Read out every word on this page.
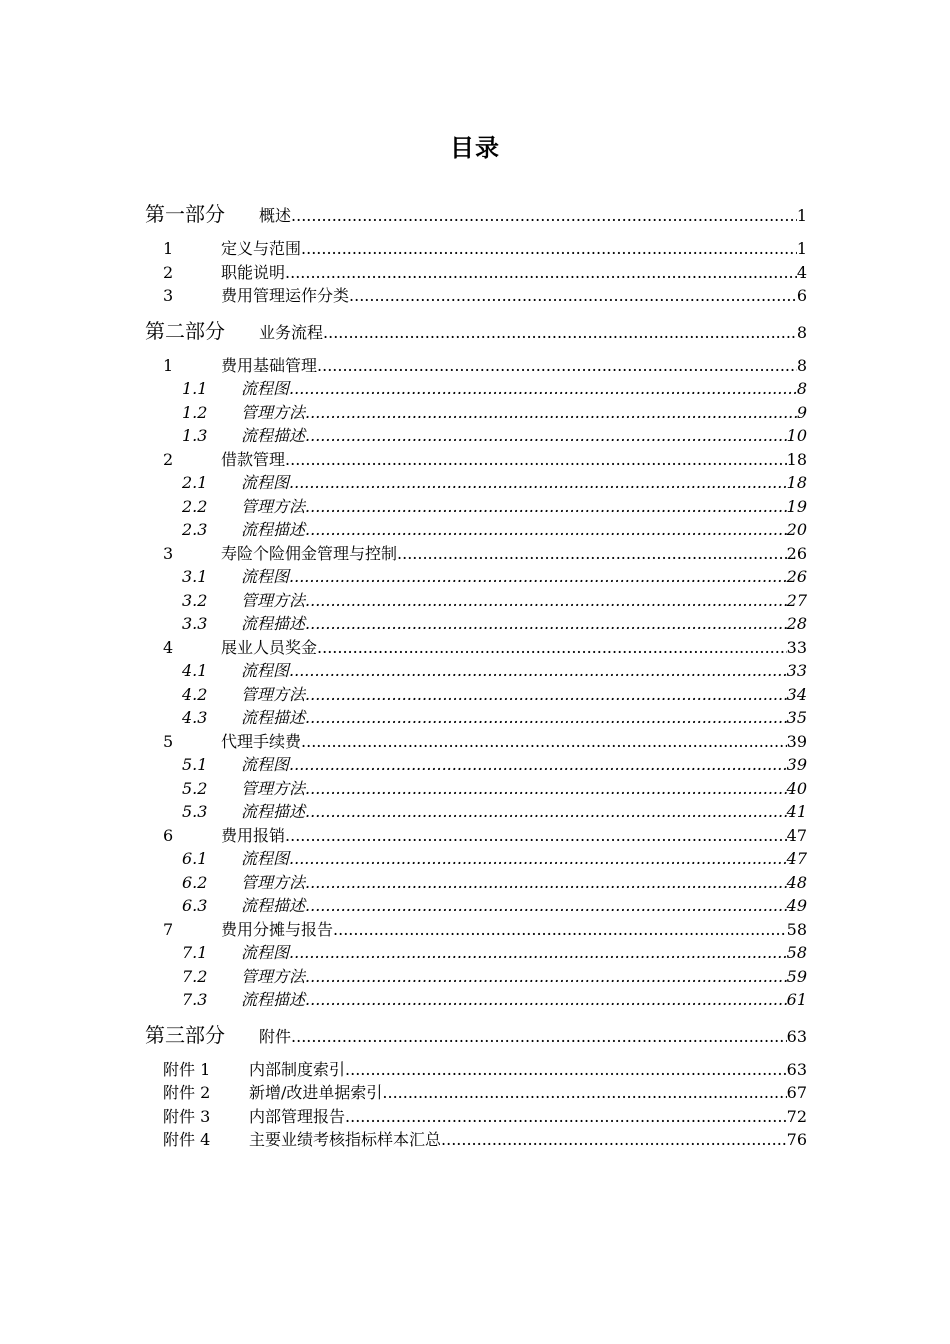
目录
第一部分	概述 .....	1
1	定义与范围 .....	1
2	职能说明 .....	4
3	费用管理运作分类 .....	6
第二部分	业务流程 .....	8
1	费用基础管理 .....	8
1.1	流程图 .....	8
1.2	管理方法 .....	9
1.3	流程描述 .....	10
2	借款管理 .....	18
2.1	流程图 .....	18
2.2	管理方法 .....	19
2.3	流程描述 .....	20
3	寿险个险佣金管理与控制 .....	26
3.1	流程图 .....	26
3.2	管理方法 .....	27
3.3	流程描述 .....	28
4	展业人员奖金 .....	33
4.1	流程图 .....	33
4.2	管理方法 .....	34
4.3	流程描述 .....	35
5	代理手续费 .....	39
5.1	流程图 .....	39
5.2	管理方法 .....	40
5.3	流程描述 .....	41
6	费用报销 .....	47
6.1	流程图 .....	47
6.2	管理方法 .....	48
6.3	流程描述 .....	49
7	费用分摊与报告 .....	58
7.1	流程图 .....	58
7.2	管理方法 .....	59
7.3	流程描述 .....	61
第三部分	附件 .....	63
附件 1	内部制度索引 .....	63
附件 2	新增/改进单据索引 .....	67
附件 3	内部管理报告 .....	72
附件 4	主要业绩考核指标样本汇总 .....	76
